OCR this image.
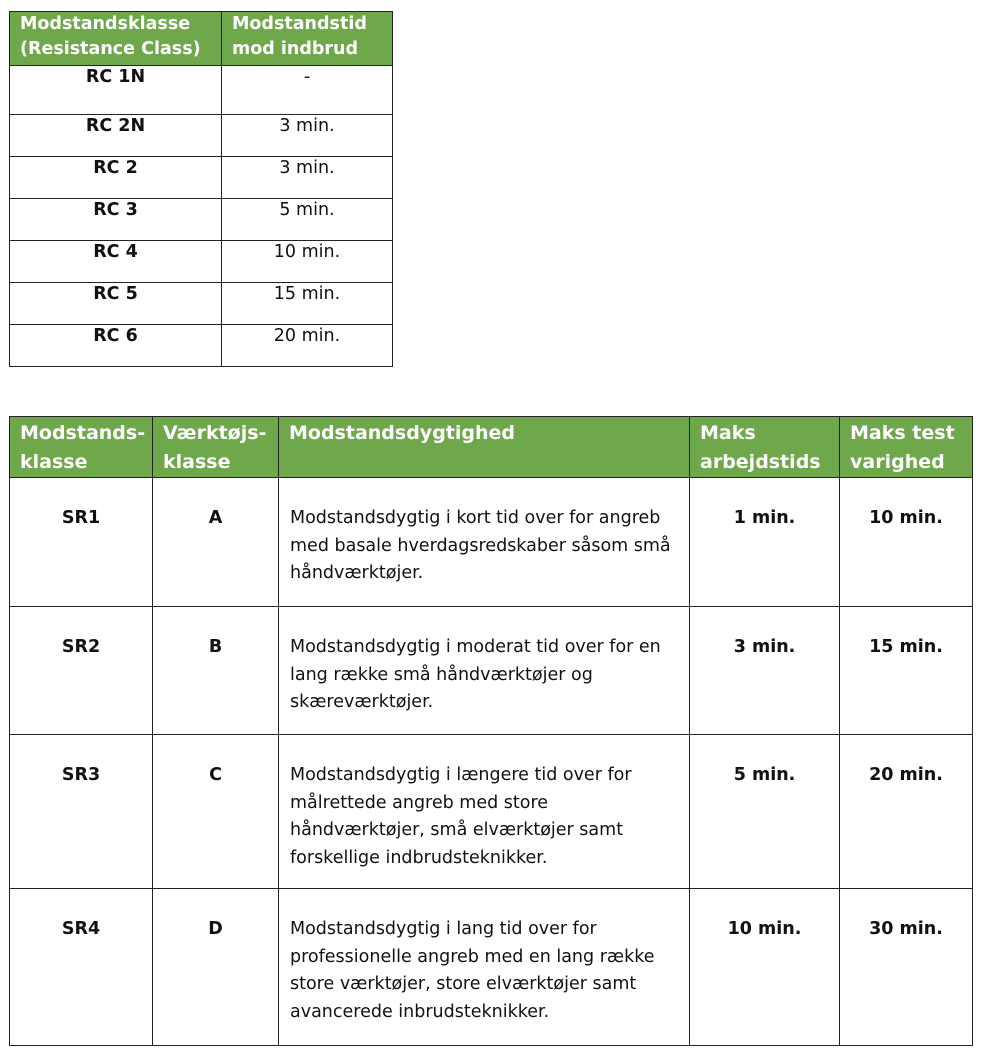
Modstandsklasse (Resistance Class)	Modstandstid mod indbrud
RC 1N	-
RC 2N	3 min.
RC 2	3 min.
RC 3	5 min.
RC 4	10 min.
RC 5	15 min.
RC 6	20 min.
Modstands-klasse	Værktøjs-klasse	Modstandsdygtighed	Maks arbejdstids	Maks test varighed
SR1	A	Modstandsdygtig i kort tid over for angreb med basale hverdagsredskaber såsom små håndværktøjer.	1 min.	10 min.
SR2	B	Modstandsdygtig i moderat tid over for en lang række små håndværktøjer og skæreværktøjer.	3 min.	15 min.
SR3	C	Modstandsdygtig i længere tid over for målrettede angreb med store håndværktøjer, små elværktøjer samt forskellige indbrudsteknikker.	5 min.	20 min.
SR4	D	Modstandsdygtig i lang tid over for professionelle angreb med en lang række store værktøjer, store elværktøjer samt avancerede inbrudsteknikker.	10 min.	30 min.
